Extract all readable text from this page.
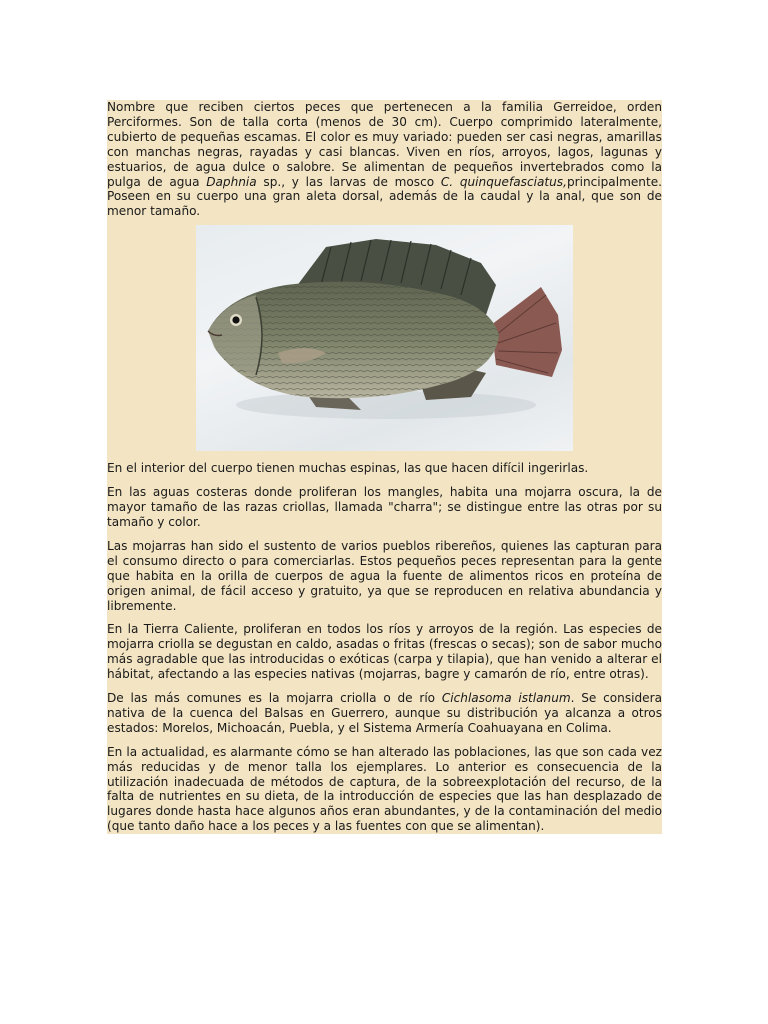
Nombre que reciben ciertos peces que pertenecen a la familia Gerreidoe, orden Perciformes. Son de talla corta (menos de 30 cm). Cuerpo comprimido lateralmente, cubierto de pequeñas escamas. El color es muy variado: pueden ser casi negras, amarillas con manchas negras, rayadas y casi blancas. Viven en ríos, arroyos, lagos, lagunas y estuarios, de agua dulce o salobre. Se alimentan de pequeños invertebrados como la pulga de agua Daphnia sp., y las larvas de mosco C. quinquefasciatus,principalmente. Poseen en su cuerpo una gran aleta dorsal, además de la caudal y la anal, que son de menor tamaño.

En el interior del cuerpo tienen muchas espinas, las que hacen difícil ingerirlas.

En las aguas costeras donde proliferan los mangles, habita una mojarra oscura, la de mayor tamaño de las razas criollas, llamada "charra"; se distingue entre las otras por su tamaño y color.

Las mojarras han sido el sustento de varios pueblos ribereños, quienes las capturan para el consumo directo o para comerciarlas. Estos pequeños peces representan para la gente que habita en la orilla de cuerpos de agua la fuente de alimentos ricos en proteína de origen animal, de fácil acceso y gratuito, ya que se reproducen en relativa abundancia y libremente.

En la Tierra Caliente, proliferan en todos los ríos y arroyos de la región. Las especies de mojarra criolla se degustan en caldo, asadas o fritas (frescas o secas); son de sabor mucho más agradable que las introducidas o exóticas (carpa y tilapia), que han venido a alterar el hábitat, afectando a las especies nativas (mojarras, bagre y camarón de río, entre otras).

De las más comunes es la mojarra criolla o de río Cichlasoma istlanum. Se considera nativa de la cuenca del Balsas en Guerrero, aunque su distribución ya alcanza a otros estados: Morelos, Michoacán, Puebla, y el Sistema Armería Coahuayana en Colima.

En la actualidad, es alarmante cómo se han alterado las poblaciones, las que son cada vez más reducidas y de menor talla los ejemplares. Lo anterior es consecuencia de la utilización inadecuada de métodos de captura, de la sobreexplotación del recurso, de la falta de nutrientes en su dieta, de la introducción de especies que las han desplazado de lugares donde hasta hace algunos años eran abundantes, y de la contaminación del medio (que tanto daño hace a los peces y a las fuentes con que se alimentan).
